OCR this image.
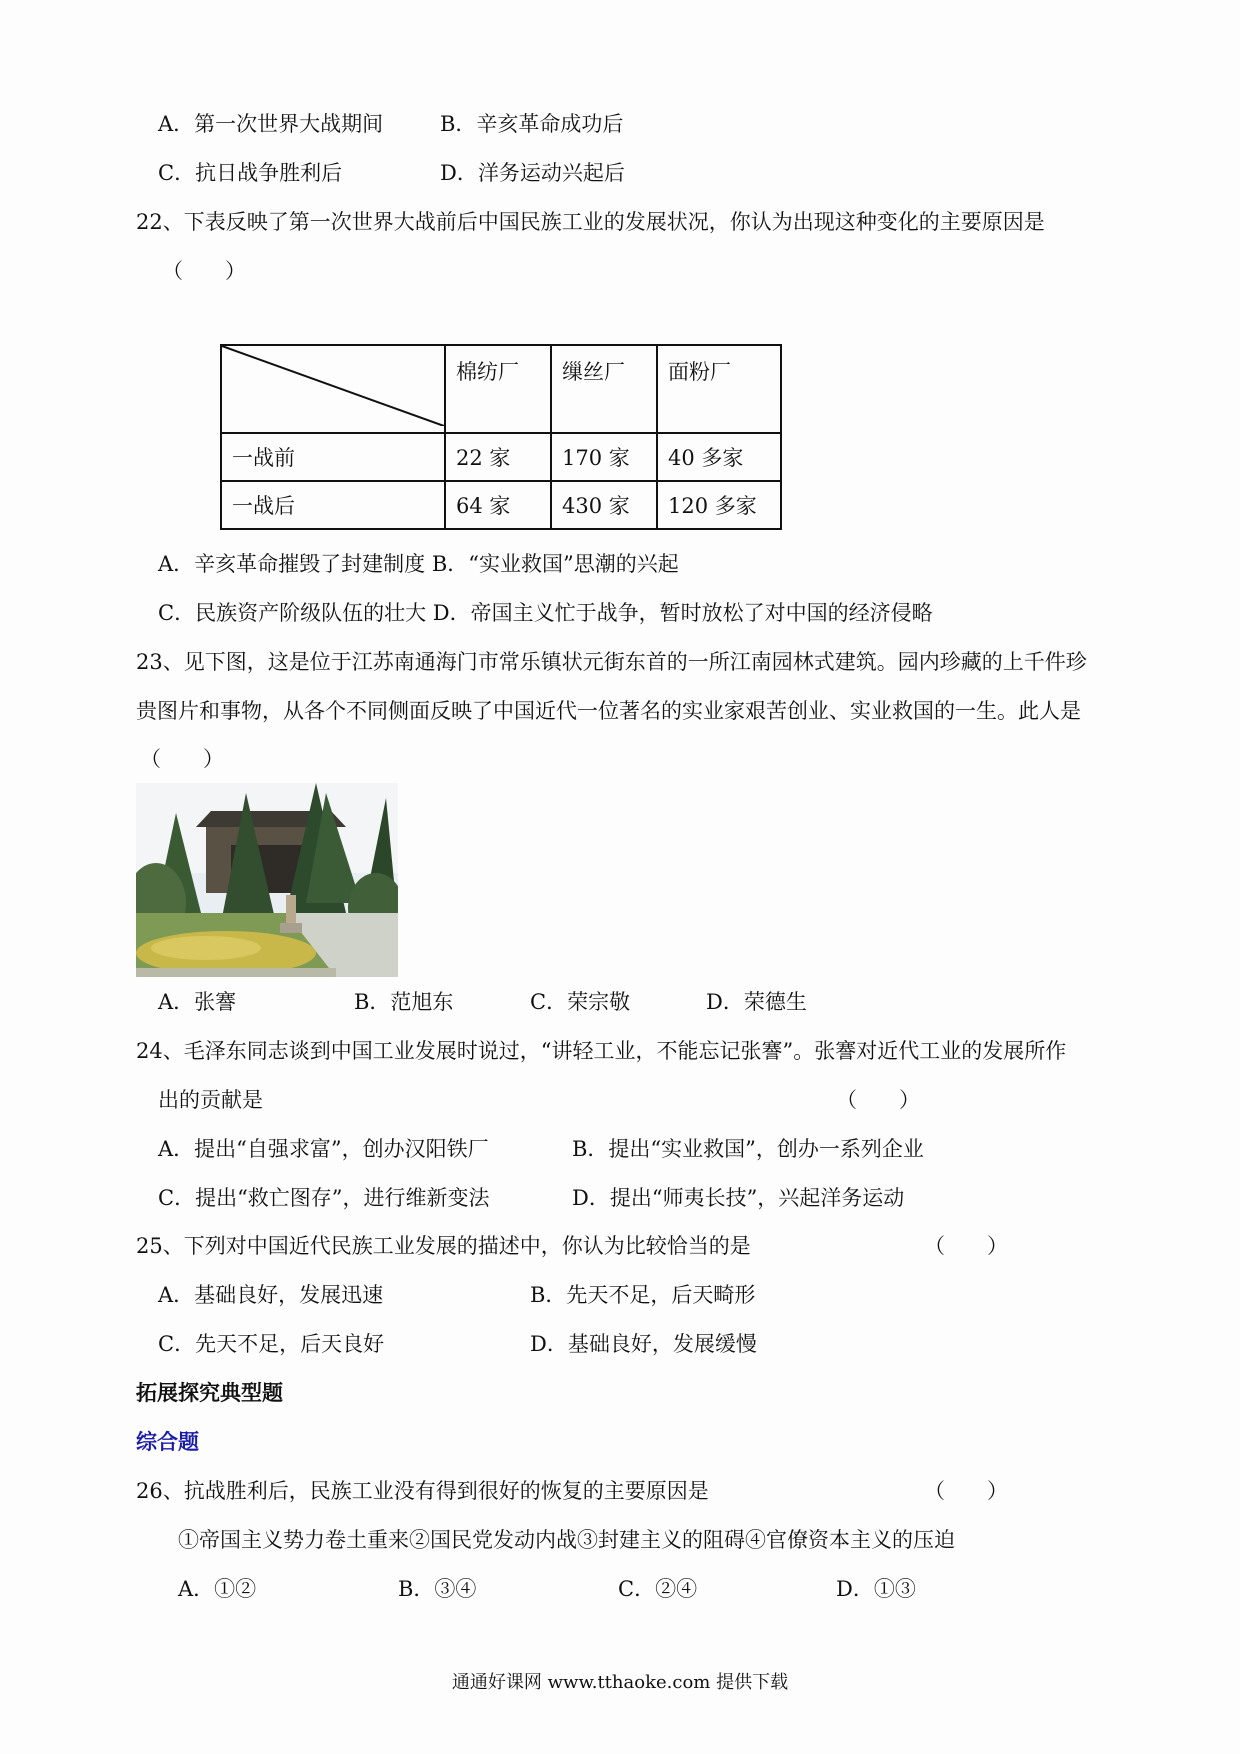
A．第一次世界大战期间	B．辛亥革命成功后
C．抗日战争胜利后	D．洋务运动兴起后
22、下表反映了第一次世界大战前后中国民族工业的发展状况，你认为出现这种变化的主要原因是
（　　）
	棉纺厂	缫丝厂	面粉厂
一战前	22 家	170 家	40 多家
一战后	64 家	430 家	120 多家
A．辛亥革命摧毁了封建制度 B．“实业救国”思潮的兴起
C．民族资产阶级队伍的壮大 D．帝国主义忙于战争，暂时放松了对中国的经济侵略
23、见下图，这是位于江苏南通海门市常乐镇状元街东首的一所江南园林式建筑。园内珍藏的上千件珍
贵图片和事物，从各个不同侧面反映了中国近代一位著名的实业家艰苦创业、实业救国的一生。此人是
（　　）
A．张謇	B．范旭东	C．荣宗敬	D．荣德生
24、毛泽东同志谈到中国工业发展时说过，“讲轻工业，不能忘记张謇”。张謇对近代工业的发展所作
出的贡献是	（　　）
A．提出“自强求富”，创办汉阳铁厂	B．提出“实业救国”，创办一系列企业
C．提出“救亡图存”，进行维新变法	D．提出“师夷长技”，兴起洋务运动
25、下列对中国近代民族工业发展的描述中，你认为比较恰当的是	（　　）
A．基础良好，发展迅速	B．先天不足，后天畸形
C．先天不足，后天良好	D．基础良好，发展缓慢
拓展探究典型题
综合题
26、抗战胜利后，民族工业没有得到很好的恢复的主要原因是	（　　）
①帝国主义势力卷土重来②国民党发动内战③封建主义的阻碍④官僚资本主义的压迫
A．①②	B．③④	C．②④	D．①③
通通好课网 www.tthaoke.com 提供下载
